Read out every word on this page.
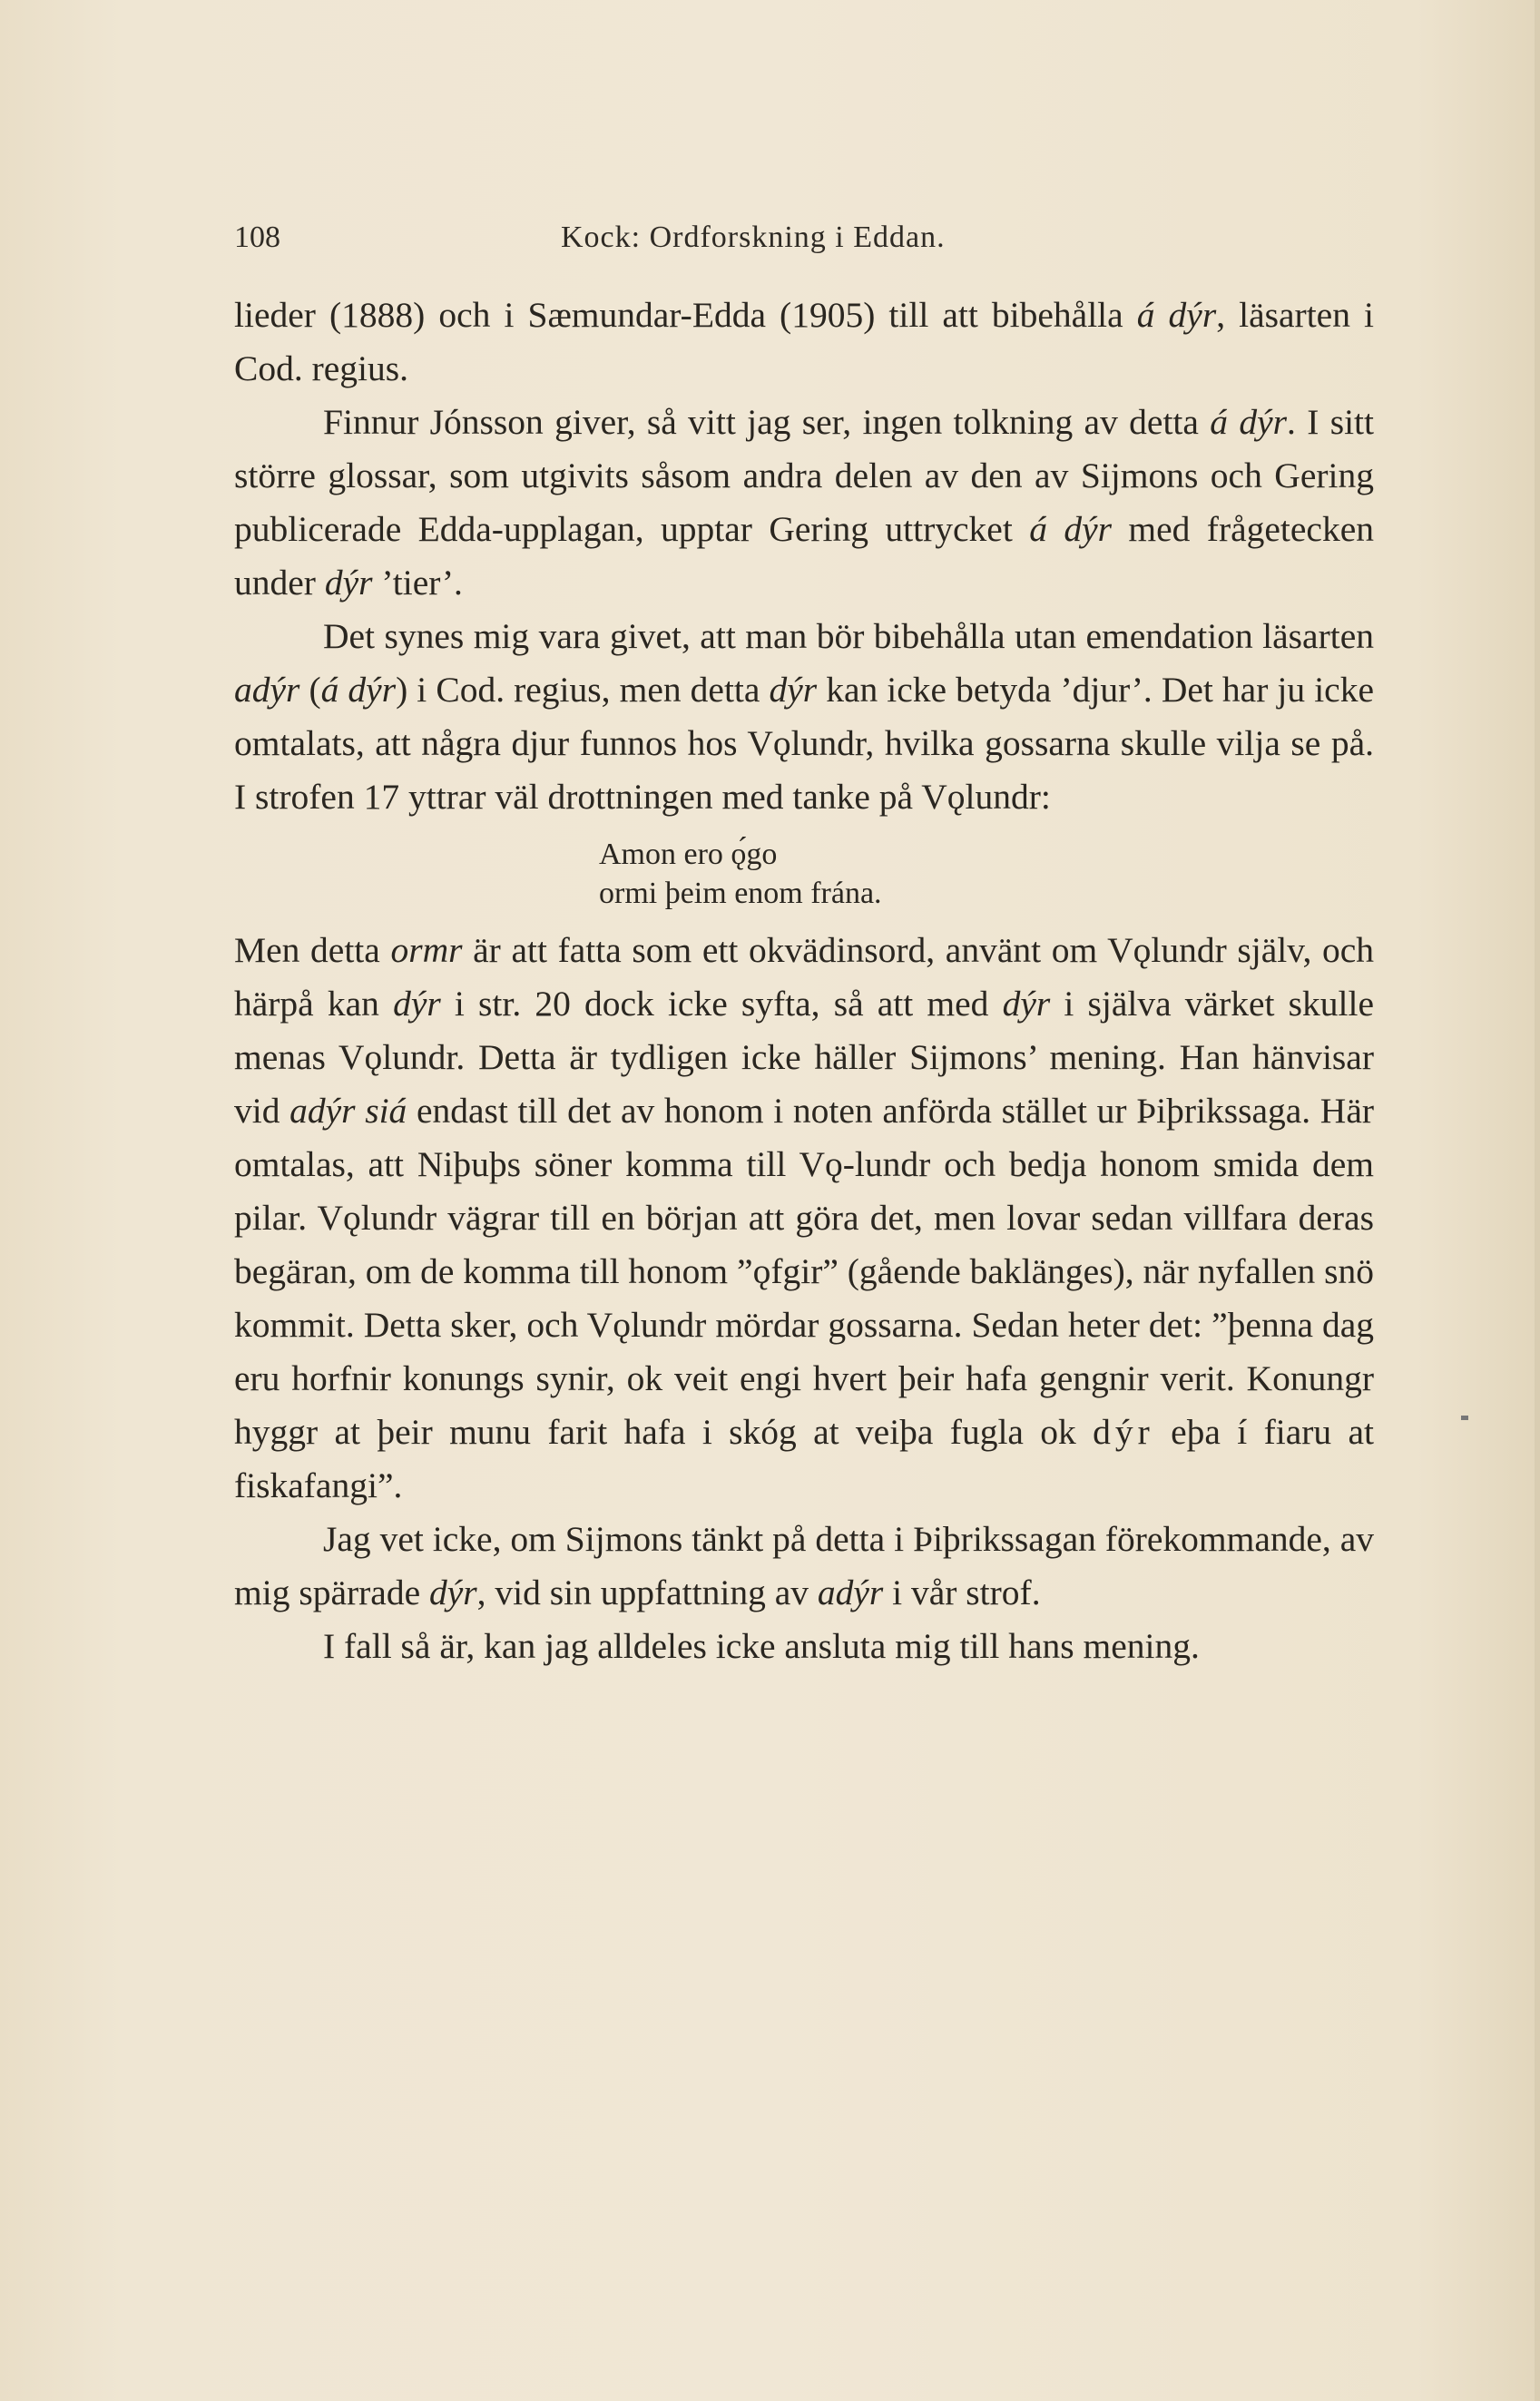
108	Kock: Ordforskning i Eddan.

lieder (1888) och i Sæmundar-Edda (1905) till att bibehålla á dýr, läsarten i Cod. regius.

Finnur Jónsson giver, så vitt jag ser, ingen tolkning av detta á dýr. I sitt större glossar, som utgivits såsom andra delen av den av Sijmons och Gering publicerade Edda-upplagan, upptar Gering uttrycket á dýr med frågetecken under dýr ’tier’.

Det synes mig vara givet, att man bör bibehålla utan emendation läsarten adýr (á dýr) i Cod. regius, men detta dýr kan icke betyda ’djur’. Det har ju icke omtalats, att några djur funnos hos Vǫlundr, hvilka gossarna skulle vilja se på. I strofen 17 yttrar väl drottningen med tanke på Vǫlundr:

Amon ero ǫ́go
ormi þeim enom frána.

Men detta ormr är att fatta som ett okvädinsord, använt om Vǫlundr själv, och härpå kan dýr i str. 20 dock icke syfta, så att med dýr i själva värket skulle menas Vǫlundr. Detta är tydligen icke häller Sijmons’ mening. Han hänvisar vid adýr siá endast till det av honom i noten anförda stället ur Þiþrikssaga. Här omtalas, att Niþuþs söner komma till Vǫ-lundr och bedja honom smida dem pilar. Vǫlundr vägrar till en början att göra det, men lovar sedan villfara deras begäran, om de komma till honom ”ǫfgir” (gående baklänges), när nyfallen snö kommit. Detta sker, och Vǫlundr mördar gossarna. Sedan heter det: ”þenna dag eru horfnir konungs synir, ok veit engi hvert þeir hafa gengnir verit. Konungr hyggr at þeir munu farit hafa i skóg at veiþa fugla ok dýr eþa í fiaru at fiskafangi”.

Jag vet icke, om Sijmons tänkt på detta i Þiþrikssagan förekommande, av mig spärrade dýr, vid sin uppfattning av adýr i vår strof.

I fall så är, kan jag alldeles icke ansluta mig till hans mening.
